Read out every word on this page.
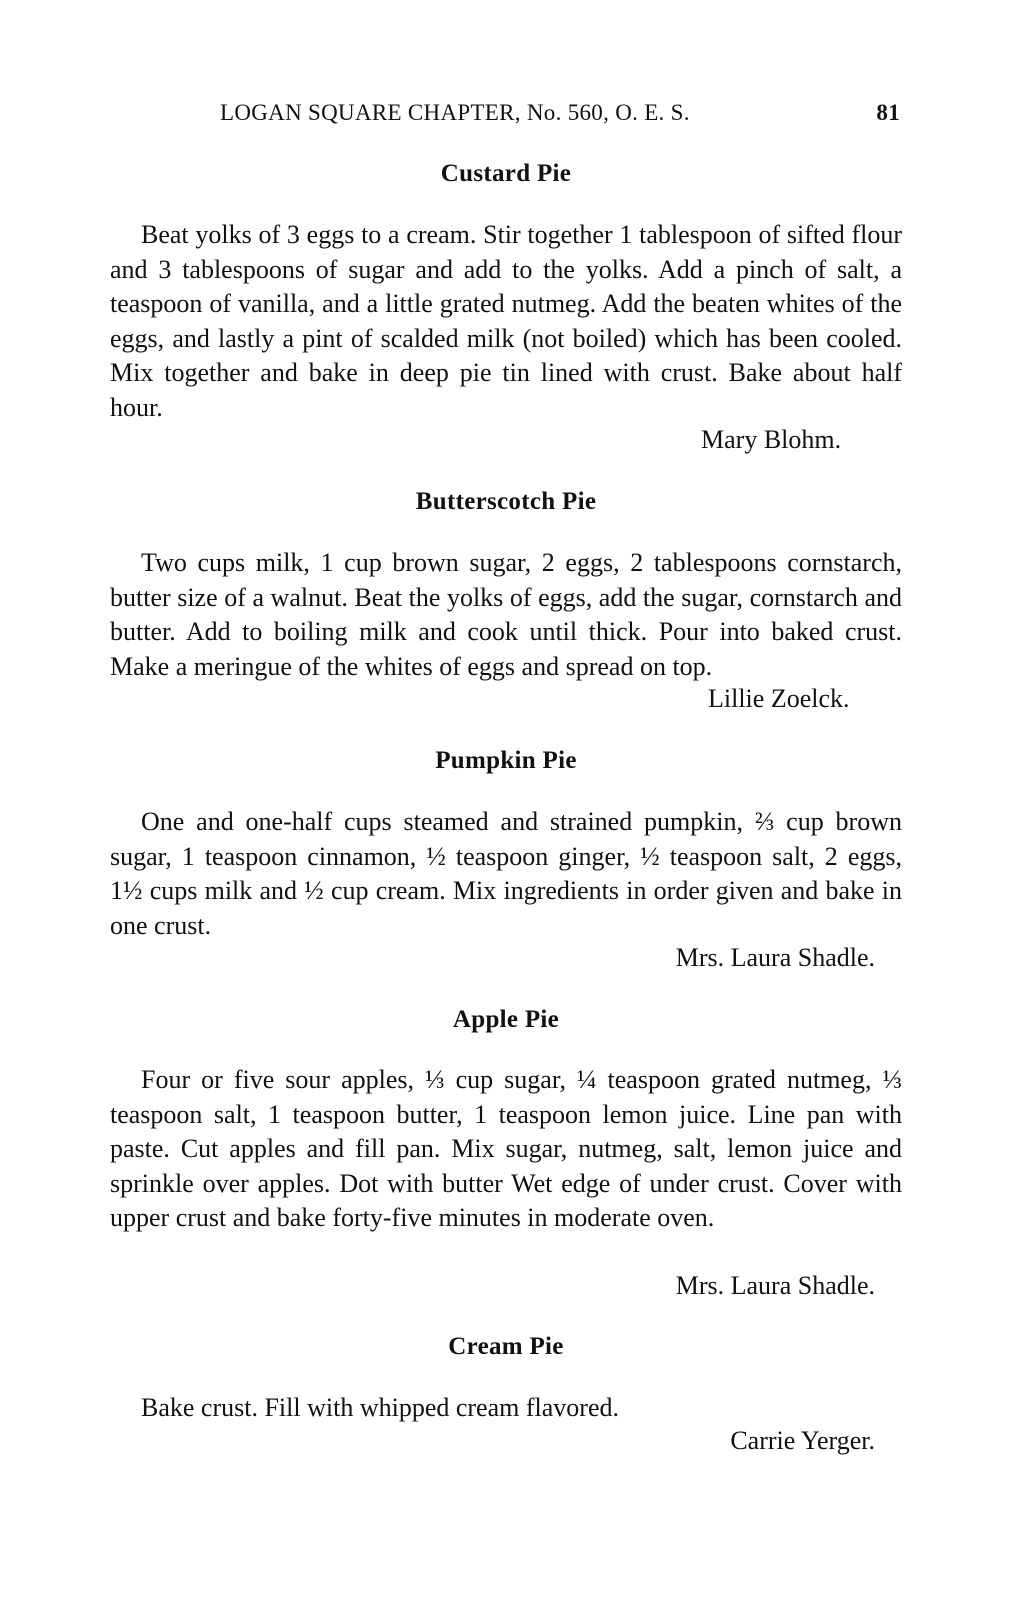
LOGAN SQUARE CHAPTER, No. 560, O. E. S.	81
Custard Pie

Beat yolks of 3 eggs to a cream. Stir together 1 tablespoon of sifted flour and 3 tablespoons of sugar and add to the yolks. Add a pinch of salt, a teaspoon of vanilla, and a little grated nutmeg. Add the beaten whites of the eggs, and lastly a pint of scalded milk (not boiled) which has been cooled. Mix together and bake in deep pie tin lined with crust. Bake about half hour.

Mary Blohm.
Butterscotch Pie

Two cups milk, 1 cup brown sugar, 2 eggs, 2 tablespoons cornstarch, butter size of a walnut. Beat the yolks of eggs, add the sugar, cornstarch and butter. Add to boiling milk and cook until thick. Pour into baked crust. Make a meringue of the whites of eggs and spread on top.

Lillie Zoelck.
Pumpkin Pie

One and one-half cups steamed and strained pumpkin, ⅔ cup brown sugar, 1 teaspoon cinnamon, ½ teaspoon ginger, ½ teaspoon salt, 2 eggs, 1½ cups milk and ½ cup cream. Mix ingredients in order given and bake in one crust.

Mrs. Laura Shadle.
Apple Pie

Four or five sour apples, ⅓ cup sugar, ¼ teaspoon grated nutmeg, ⅓ teaspoon salt, 1 teaspoon butter, 1 teaspoon lemon juice. Line pan with paste. Cut apples and fill pan. Mix sugar, nutmeg, salt, lemon juice and sprinkle over apples. Dot with butter Wet edge of under crust. Cover with upper crust and bake forty-five minutes in moderate oven.

Mrs. Laura Shadle.
Cream Pie

Bake crust. Fill with whipped cream flavored.

Carrie Yerger.
